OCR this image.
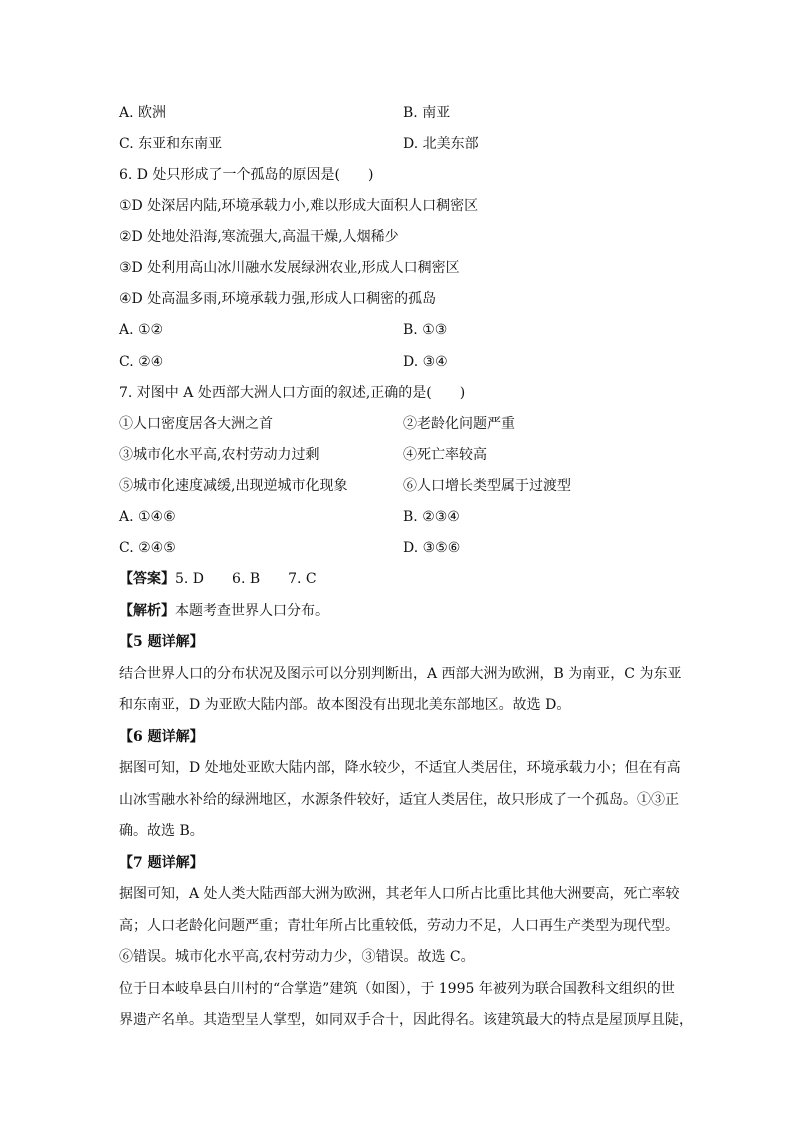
A. 欧洲	B. 南亚
C. 东亚和东南亚	D. 北美东部
6. D 处只形成了一个孤岛的原因是(　　)
①D 处深居内陆,环境承载力小,难以形成大面积人口稠密区
②D 处地处沿海,寒流强大,高温干燥,人烟稀少
③D 处利用高山冰川融水发展绿洲农业,形成人口稠密区
④D 处高温多雨,环境承载力强,形成人口稠密的孤岛
A. ①②	B. ①③
C. ②④	D. ③④
7. 对图中 A 处西部大洲人口方面的叙述,正确的是(　　)
①人口密度居各大洲之首	②老龄化问题严重
③城市化水平高,农村劳动力过剩	④死亡率较高
⑤城市化速度减缓,出现逆城市化现象	⑥人口增长类型属于过渡型
A. ①④⑥	B. ②③④
C. ②④⑤	D. ③⑤⑥
【答案】5. D　　6. B　　7. C
【解析】本题考查世界人口分布。
【5 题详解】
结合世界人口的分布状况及图示可以分别判断出，A 西部大洲为欧洲，B 为南亚，C 为东亚
和东南亚，D 为亚欧大陆内部。故本图没有出现北美东部地区。故选 D。
【6 题详解】
据图可知，D 处地处亚欧大陆内部，降水较少，不适宜人类居住，环境承载力小；但在有高
山冰雪融水补给的绿洲地区，水源条件较好，适宜人类居住，故只形成了一个孤岛。①③正
确。故选 B。
【7 题详解】
据图可知，A 处人类大陆西部大洲为欧洲，其老年人口所占比重比其他大洲要高，死亡率较
高；人口老龄化问题严重；青壮年所占比重较低，劳动力不足，人口再生产类型为现代型。
⑥错误。城市化水平高,农村劳动力少，③错误。故选 C。
位于日本岐阜县白川村的“合掌造”建筑（如图），于 1995 年被列为联合国教科文组织的世
界遗产名单。其造型呈人掌型，如同双手合十，因此得名。该建筑最大的特点是屋顶厚且陡，
